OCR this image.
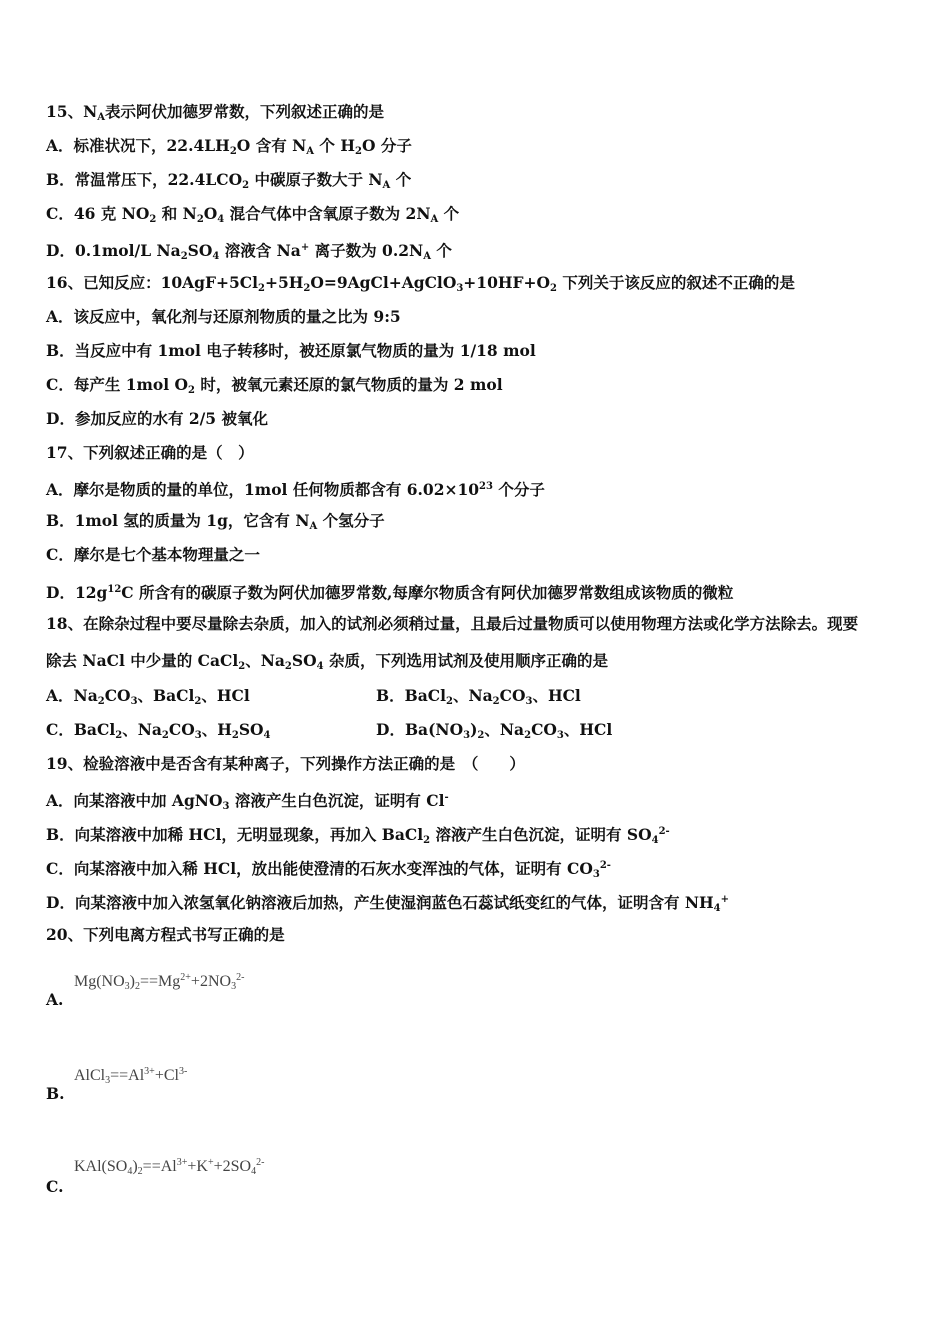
15、$N_A$表示阿伏加德罗常数，下列叙述正确的是
A．标准状况下，$22.4LH_2O$ 含有 $N_A$ 个 $H_2O$ 分子
B．常温常压下，$22.4LCO_2$ 中碳原子数大于 $N_A$ 个
C．46 克 $NO_2$ 和 $N_2O_4$ 混合气体中含氧原子数为 $2N_A$ 个
D．0.1mol/L $Na_2SO_4$ 溶液含 Na+ 离子数为 $0.2N_A$ 个
16、已知反应：$10AgF+5Cl_2+5H_2O=9AgCl+AgClO_3+10HF+O_2$ 下列关于该反应的叙述不正确的是
A．该反应中，氧化剂与还原剂物质的量之比为 9:5
B．当反应中有 1mol 电子转移时，被还原氯气物质的量为 1/18 mol
C．每产生 1mol $O_2$ 时，被氧元素还原的氯气物质的量为 2 mol
D．参加反应的水有 2/5 被氧化
17、下列叙述正确的是（　）
A．摩尔是物质的量的单位，1mol 任何物质都含有 $6.02\times 10^{23}$ 个分子
B．1mol 氢的质量为 1g，它含有 $N_A$ 个氢分子
C．摩尔是七个基本物理量之一
D．$12g^{12}C$ 所含有的碳原子数为阿伏加德罗常数,每摩尔物质含有阿伏加德罗常数组成该物质的微粒
18、在除杂过程中要尽量除去杂质，加入的试剂必须稍过量，且最后过量物质可以使用物理方法或化学方法除去。现要
除去 NaCl 中少量的 CaCl$_2$、$Na_2SO_4$ 杂质，下列选用试剂及使用顺序正确的是
A．$Na_2CO_3$、BaCl$_2$、HCl	B．BaCl$_2$、$Na_2CO_3$、HCl
C．BaCl$_2$、$Na_2CO_3$、$H_2SO_4$	D．$Ba(NO_3)_2$、$Na_2CO_3$、HCl
19、检验溶液中是否含有某种离子，下列操作方法正确的是　（　　）
A．向某溶液中加 AgNO$_3$ 溶液产生白色沉淀，证明有 Cl-
B．向某溶液中加稀 HCl，无明显现象，再加入 BaCl$_2$ 溶液产生白色沉淀，证明有 $SO_4^{2-}$
C．向某溶液中加入稀 HCl，放出能使澄清的石灰水变浑浊的气体，证明有 $CO_3^{2-}$
D．向某溶液中加入浓氢氧化钠溶液后加热，产生使湿润蓝色石蕊试纸变红的气体，证明含有 $NH_4^+$
20、下列电离方程式书写正确的是
$Mg(NO_3)_2==Mg^{2+}+2NO_3^{2-}$
A.
$AlCl_3==Al^{3+}+Cl^{3-}$
B.
$KAl(SO_4)_2==Al^{3+}+K^++2SO_4^{2-}$
C.
